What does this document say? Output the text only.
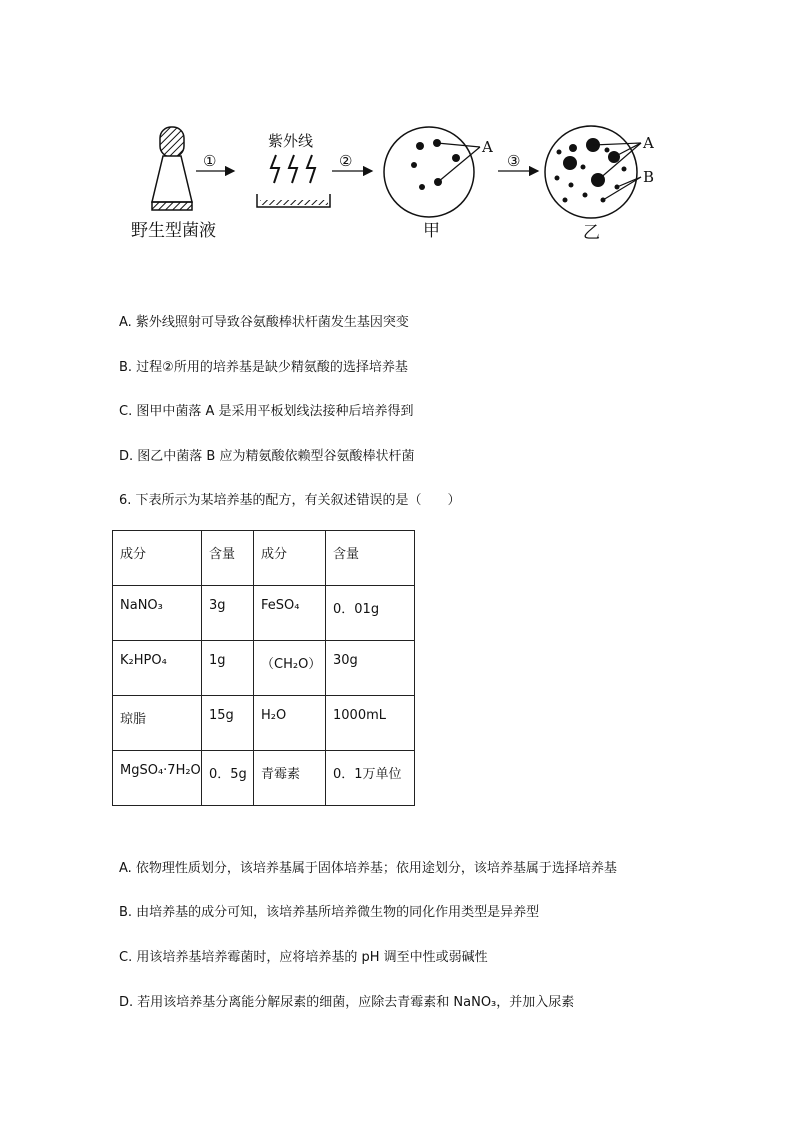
野生型菌液
①
紫外线
②
A
甲
③
A
B
乙
A. 紫外线照射可导致谷氨酸棒状杆菌发生基因突变
B. 过程②所用的培养基是缺少精氨酸的选择培养基
C. 图甲中菌落 A 是采用平板划线法接种后培养得到
D. 图乙中菌落 B 应为精氨酸依赖型谷氨酸棒状杆菌
6. 下表所示为某培养基的配方，有关叙述错误的是（　　）
成分	含量	成分	含量
NaNO₃	3g	FeSO₄	0．01g
K₂HPO₄	1g	（CH₂O）	30g
琼脂	15g	H₂O	1000mL
MgSO₄·7H₂O	0．5g	青霉素	0．1万单位
A. 依物理性质划分，该培养基属于固体培养基；依用途划分，该培养基属于选择培养基
B. 由培养基的成分可知，该培养基所培养微生物的同化作用类型是异养型
C. 用该培养基培养霉菌时，应将培养基的 pH 调至中性或弱碱性
D. 若用该培养基分离能分解尿素的细菌，应除去青霉素和 NaNO₃，并加入尿素
